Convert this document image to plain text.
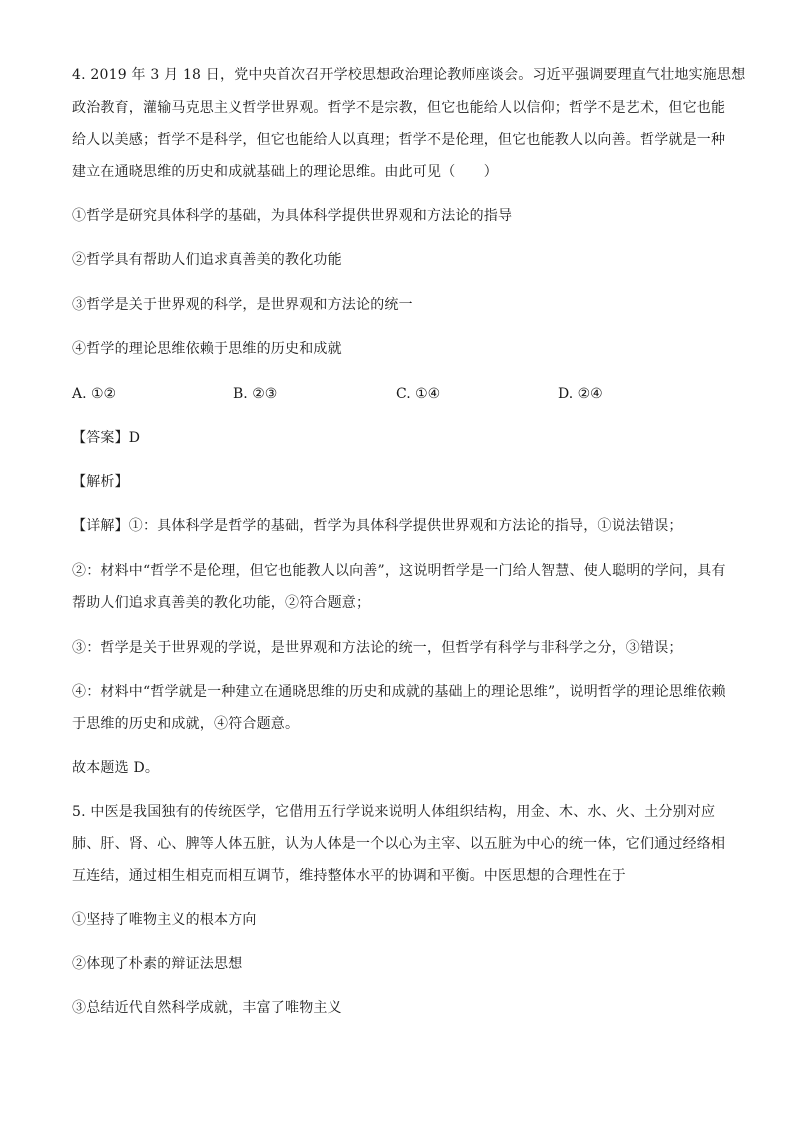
4. 2019 年 3 月 18 日，党中央首次召开学校思想政治理论教师座谈会。习近平强调要理直气壮地实施思想
政治教育，灌输马克思主义哲学世界观。哲学不是宗教，但它也能给人以信仰；哲学不是艺术，但它也能
给人以美感；哲学不是科学，但它也能给人以真理；哲学不是伦理，但它也能教人以向善。哲学就是一种
建立在通晓思维的历史和成就基础上的理论思维。由此可见（　　）
①哲学是研究具体科学的基础，为具体科学提供世界观和方法论的指导
②哲学具有帮助人们追求真善美的教化功能
③哲学是关于世界观的科学，是世界观和方法论的统一
④哲学的理论思维依赖于思维的历史和成就
A. ①②	B. ②③	C. ①④	D. ②④
【答案】D
【解析】
【详解】①：具体科学是哲学的基础，哲学为具体科学提供世界观和方法论的指导，①说法错误；
②：材料中“哲学不是伦理，但它也能教人以向善”，这说明哲学是一门给人智慧、使人聪明的学问，具有
帮助人们追求真善美的教化功能，②符合题意；
③：哲学是关于世界观的学说，是世界观和方法论的统一，但哲学有科学与非科学之分，③错误；
④：材料中“哲学就是一种建立在通晓思维的历史和成就的基础上的理论思维”，说明哲学的理论思维依赖
于思维的历史和成就，④符合题意。
故本题选 D。
5. 中医是我国独有的传统医学，它借用五行学说来说明人体组织结构，用金、木、水、火、土分别对应
肺、肝、肾、心、脾等人体五脏，认为人体是一个以心为主宰、以五脏为中心的统一体，它们通过经络相
互连结，通过相生相克而相互调节，维持整体水平的协调和平衡。中医思想的合理性在于
①坚持了唯物主义的根本方向
②体现了朴素的辩证法思想
③总结近代自然科学成就，丰富了唯物主义
